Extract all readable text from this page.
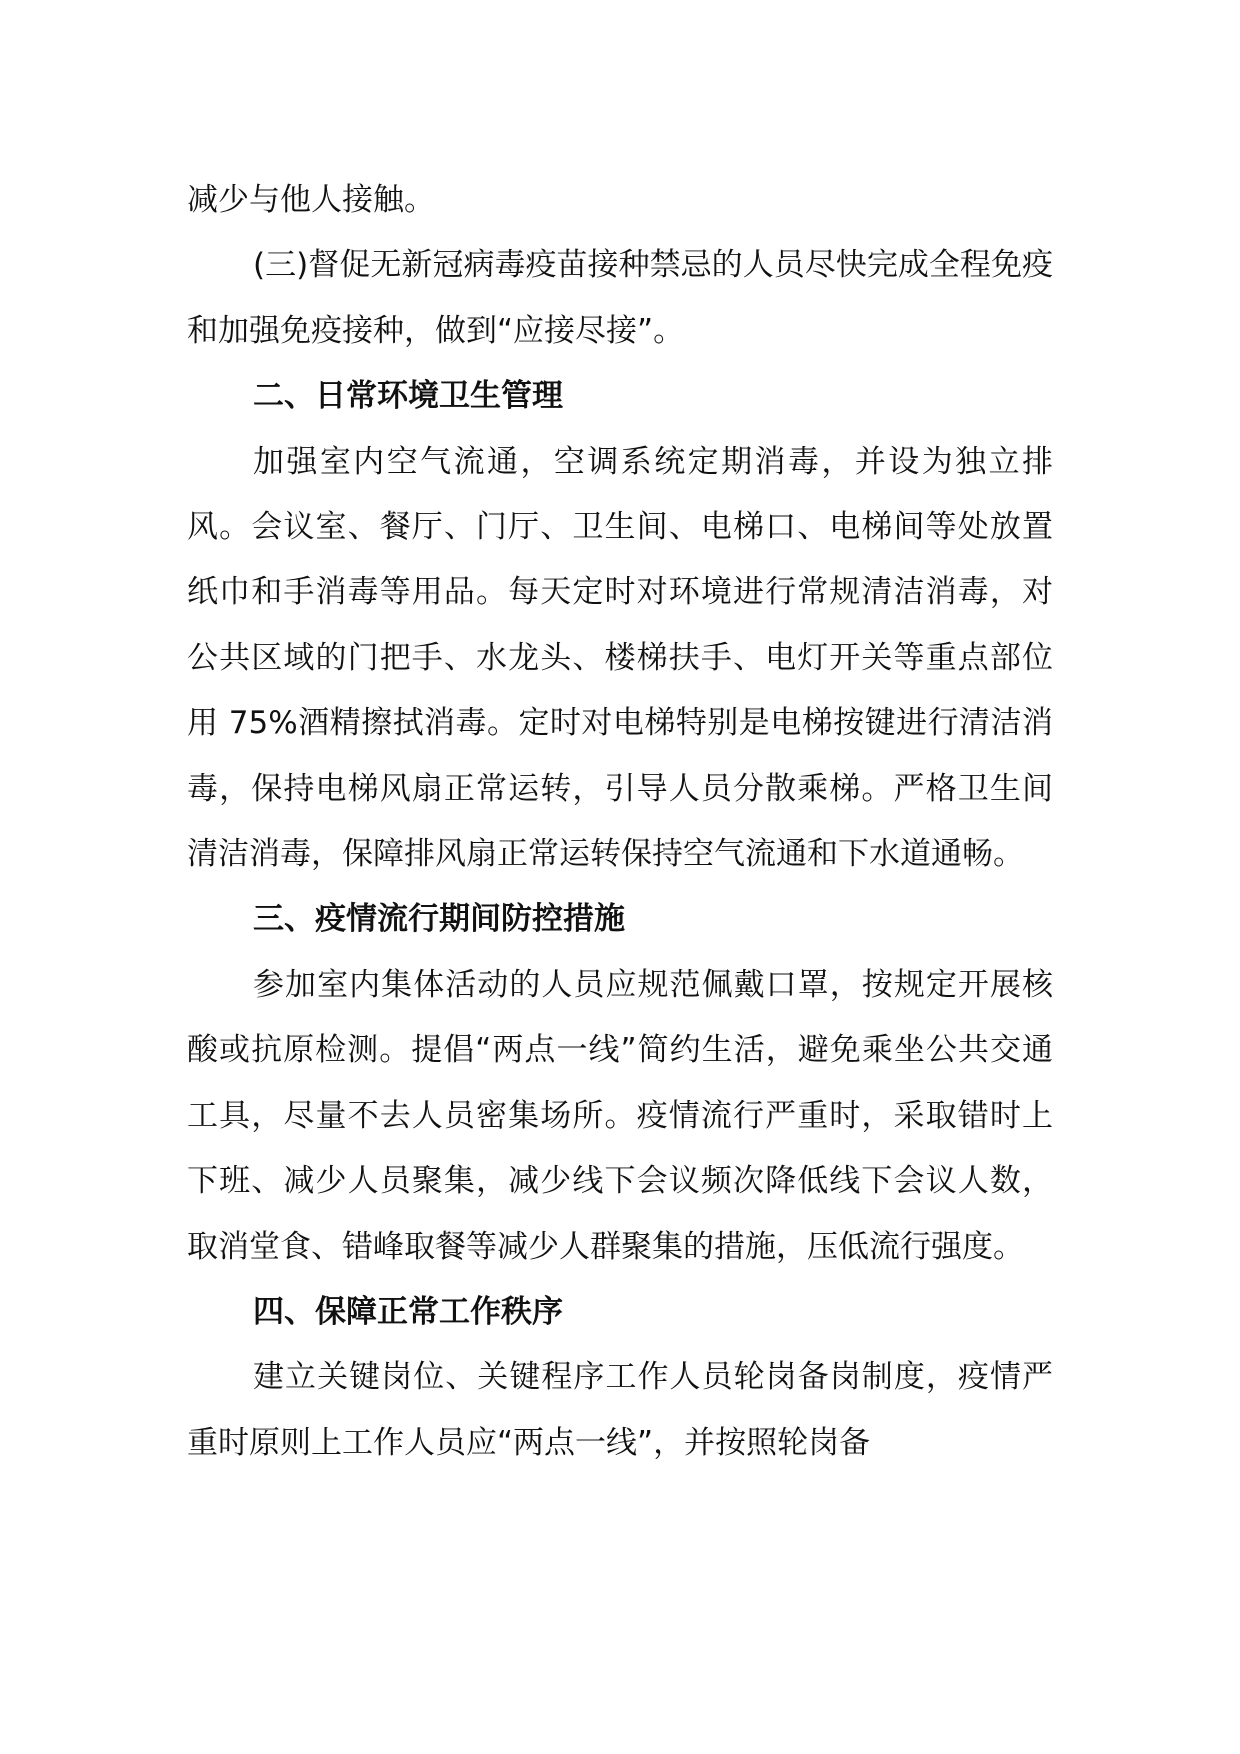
减少与他人接触。

(三)督促无新冠病毒疫苗接种禁忌的人员尽快完成全程免疫和加强免疫接种，做到“应接尽接”。

二、日常环境卫生管理

加强室内空气流通，空调系统定期消毒，并设为独立排风。会议室、餐厅、门厅、卫生间、电梯口、电梯间等处放置纸巾和手消毒等用品。每天定时对环境进行常规清洁消毒，对公共区域的门把手、水龙头、楼梯扶手、电灯开关等重点部位用 75%酒精擦拭消毒。定时对电梯特别是电梯按键进行清洁消毒，保持电梯风扇正常运转，引导人员分散乘梯。严格卫生间清洁消毒，保障排风扇正常运转保持空气流通和下水道通畅。

三、疫情流行期间防控措施

参加室内集体活动的人员应规范佩戴口罩，按规定开展核酸或抗原检测。提倡“两点一线”简约生活，避免乘坐公共交通工具，尽量不去人员密集场所。疫情流行严重时，采取错时上下班、减少人员聚集，减少线下会议频次降低线下会议人数，取消堂食、错峰取餐等减少人群聚集的措施，压低流行强度。

四、保障正常工作秩序

建立关键岗位、关键程序工作人员轮岗备岗制度，疫情严重时原则上工作人员应“两点一线”，并按照轮岗备
